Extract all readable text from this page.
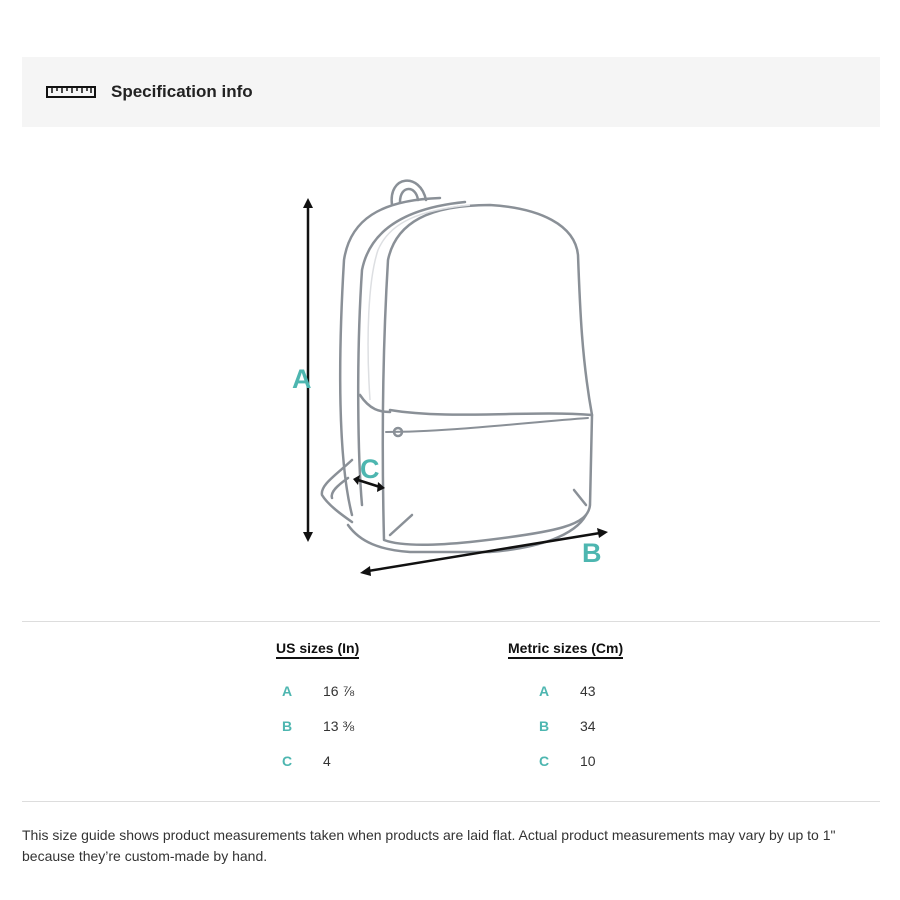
Specification info
A
B
C
US sizes (In)
A 16 ⅞
B 13 ⅜
C 4
Metric sizes (Cm)
A 43
B 34
C 10
This size guide shows product measurements taken when products are laid flat. Actual product measurements may vary by up to 1" because they’re custom-made by hand.
